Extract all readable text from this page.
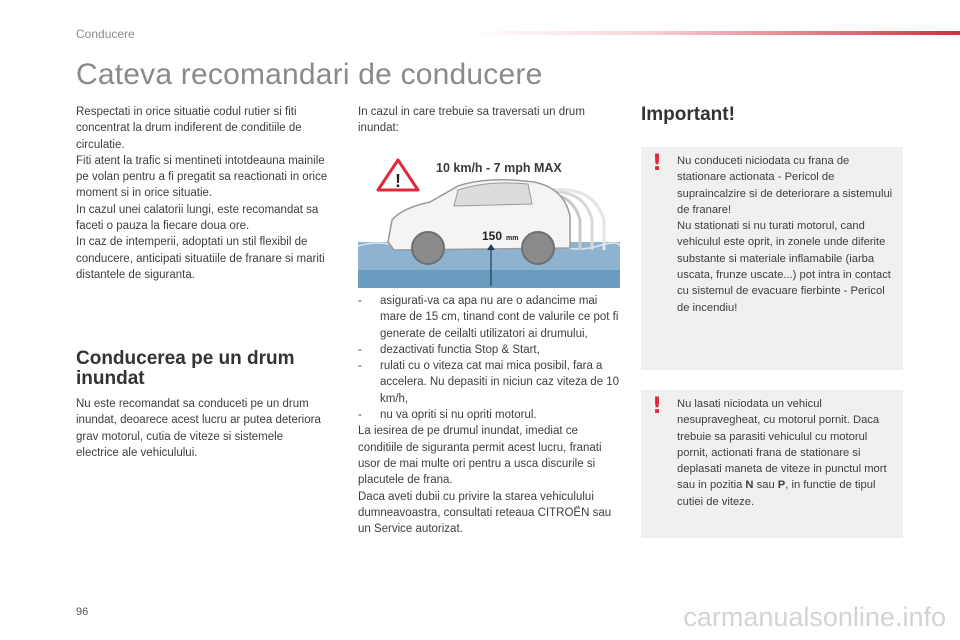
Conducere
Cateva recomandari de conducere
Respectati in orice situatie codul rutier si fiti concentrat la drum indiferent de conditiile de circulatie.
Fiti atent la trafic si mentineti intotdeauna mainile pe volan pentru a fi pregatit sa reactionati in orice moment si in orice situatie.
In cazul unei calatorii lungi, este recomandat sa faceti o pauza la fiecare doua ore.
In caz de intemperii, adoptati un stil flexibil de conducere, anticipati situatiile de franare si mariti distantele de siguranta.
Conducerea pe un drum inundat
Nu este recomandat sa conduceti pe un drum inundat, deoarece acest lucru ar putea deteriora grav motorul, cutia de viteze si sistemele electrice ale vehiculului.
In cazul in care trebuie sa traversati un drum inundat:
!
10 km/h - 7 mph MAX
150 mm
- asigurati-va ca apa nu are o adancime mai mare de 15 cm, tinand cont de valurile ce pot fi generate de ceilalti utilizatori ai drumului,
- dezactivati functia Stop & Start,
- rulati cu o viteza cat mai mica posibil, fara a accelera. Nu depasiti in niciun caz viteza de 10 km/h,
- nu va opriti si nu opriti motorul.
La iesirea de pe drumul inundat, imediat ce conditiile de siguranta permit acest lucru, franati usor de mai multe ori pentru a usca discurile si placutele de frana.
Daca aveti dubii cu privire la starea vehiculului dumneavoastra, consultati reteaua CITROËN sau un Service autorizat.
Important!
! Nu conduceti niciodata cu frana de stationare actionata - Pericol de supraincalzire si de deteriorare a sistemului de franare!
Nu stationati si nu turati motorul, cand vehiculul este oprit, in zonele unde diferite substante si materiale inflamabile (iarba uscata, frunze uscate...) pot intra in contact cu sistemul de evacuare fierbinte - Pericol de incendiu!
! Nu lasati niciodata un vehicul nesupravegheat, cu motorul pornit. Daca trebuie sa parasiti vehiculul cu motorul pornit, actionati frana de stationare si deplasati maneta de viteze in punctul mort sau in pozitia N sau P, in functie de tipul cutiei de viteze.
96	carmanualsonline.info
